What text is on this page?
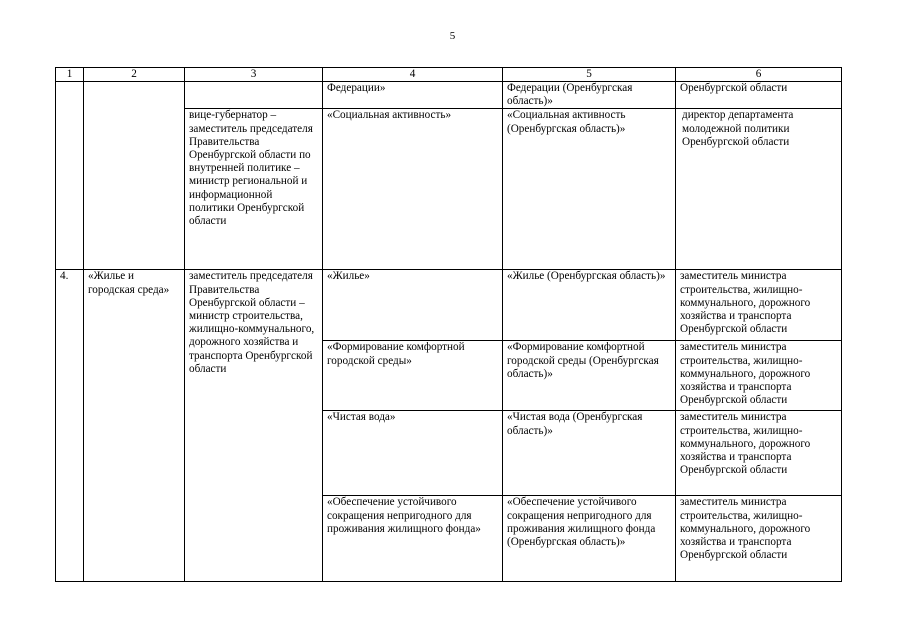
5
1	2	3	4	5	6
			Федерации»	Федерации (Оренбургская область)»	Оренбургской области
		вице-губернатор – заместитель председателя Правительства Оренбургской области по внутренней политике – министр региональной и информационной политики Оренбургской области	«Социальная активность»	«Социальная активность (Оренбургская область)»	директор департамента молодежной политики Оренбургской области
4.	«Жилье и городская среда»	заместитель председателя Правительства Оренбургской области – министр строительства, жилищно-коммунального, дорожного хозяйства и транспорта Оренбургской области	«Жилье»	«Жилье (Оренбургская область)»	заместитель министра строительства, жилищно-коммунального, дорожного хозяйства и транспорта Оренбургской области
			«Формирование комфортной городской среды»	«Формирование комфортной городской среды (Оренбургская область)»	заместитель министра строительства, жилищно-коммунального, дорожного хозяйства и транспорта Оренбургской области
			«Чистая вода»	«Чистая вода (Оренбургская область)»	заместитель министра строительства, жилищно-коммунального, дорожного хозяйства и транспорта Оренбургской области
			«Обеспечение устойчивого сокращения непригодного для проживания жилищного фонда»	«Обеспечение устойчивого сокращения непригодного для проживания жилищного фонда (Оренбургская область)»	заместитель министра строительства, жилищно-коммунального, дорожного хозяйства и транспорта Оренбургской области
